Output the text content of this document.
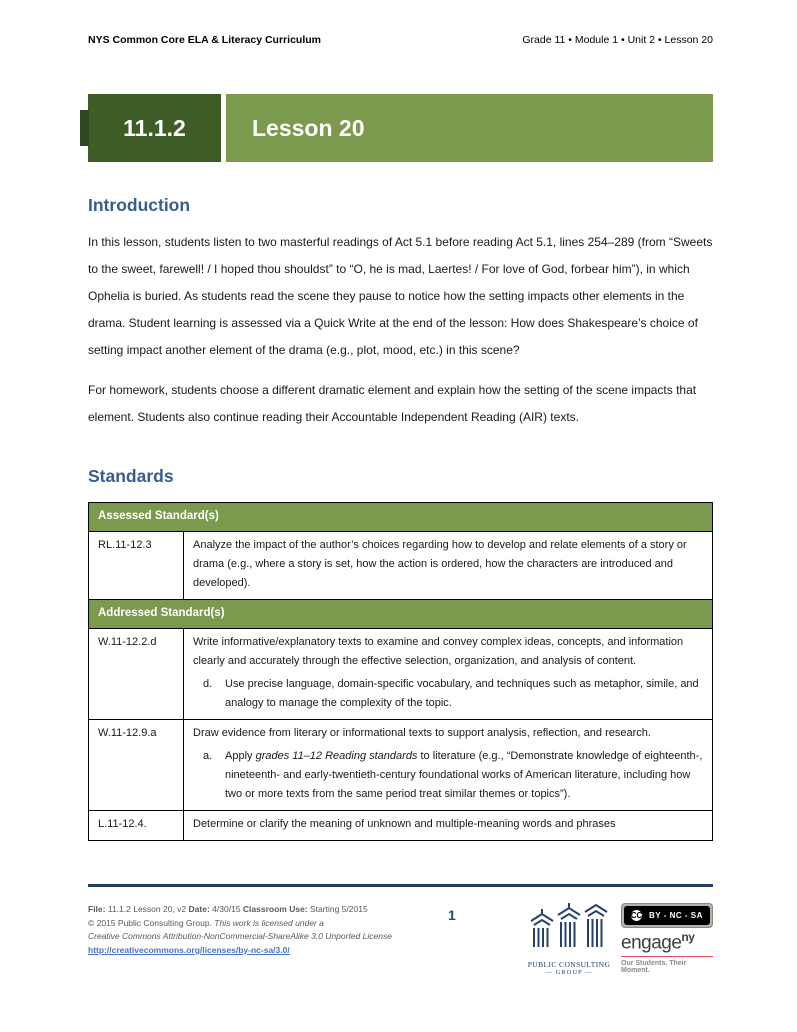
NYS Common Core ELA & Literacy Curriculum	Grade 11 • Module 1 • Unit 2 • Lesson 20
11.1.2	Lesson 20
Introduction

In this lesson, students listen to two masterful readings of Act 5.1 before reading Act 5.1, lines 254–289 (from “Sweets to the sweet, farewell! / I hoped thou shouldst” to “O, he is mad, Laertes! / For love of God, forbear him”), in which Ophelia is buried. As students read the scene they pause to notice how the setting impacts other elements in the drama. Student learning is assessed via a Quick Write at the end of the lesson: How does Shakespeare’s choice of setting impact another element of the drama (e.g., plot, mood, etc.) in this scene?

For homework, students choose a different dramatic element and explain how the setting of the scene impacts that element. Students also continue reading their Accountable Independent Reading (AIR) texts.

Standards
Assessed Standard(s)	
RL.11-12.3	Analyze the impact of the author’s choices regarding how to develop and relate elements of a story or drama (e.g., where a story is set, how the action is ordered, how the characters are introduced and developed).

Addressed Standard(s)	
W.11-12.2.d	Write informative/explanatory texts to examine and convey complex ideas, concepts, and information clearly and accurately through the effective selection, organization, and analysis of content.
d. Use precise language, domain-specific vocabulary, and techniques such as metaphor, simile, and analogy to manage the complexity of the topic.

W.11-12.9.a	Draw evidence from literary or informational texts to support analysis, reflection, and research.
a. Apply grades 11–12 Reading standards to literature (e.g., “Demonstrate knowledge of eighteenth-, nineteenth- and early-twentieth-century foundational works of American literature, including how two or more texts from the same period treat similar themes or topics”).

L.11-12.4.	Determine or clarify the meaning of unknown and multiple-meaning words and phrases
File: 11.1.2 Lesson 20, v2 Date: 4/30/15 Classroom Use: Starting 5/2015
© 2015 Public Consulting Group. This work is licensed under a
Creative Commons Attribution-NonCommercial-ShareAlike 3.0 Unported License
http://creativecommons.org/licenses/by-nc-sa/3.0/
1
PUBLIC CONSULTING
— GROUP —
CC BY - NC - SA
engage$^{ny}$
Our Students. Their Moment.
